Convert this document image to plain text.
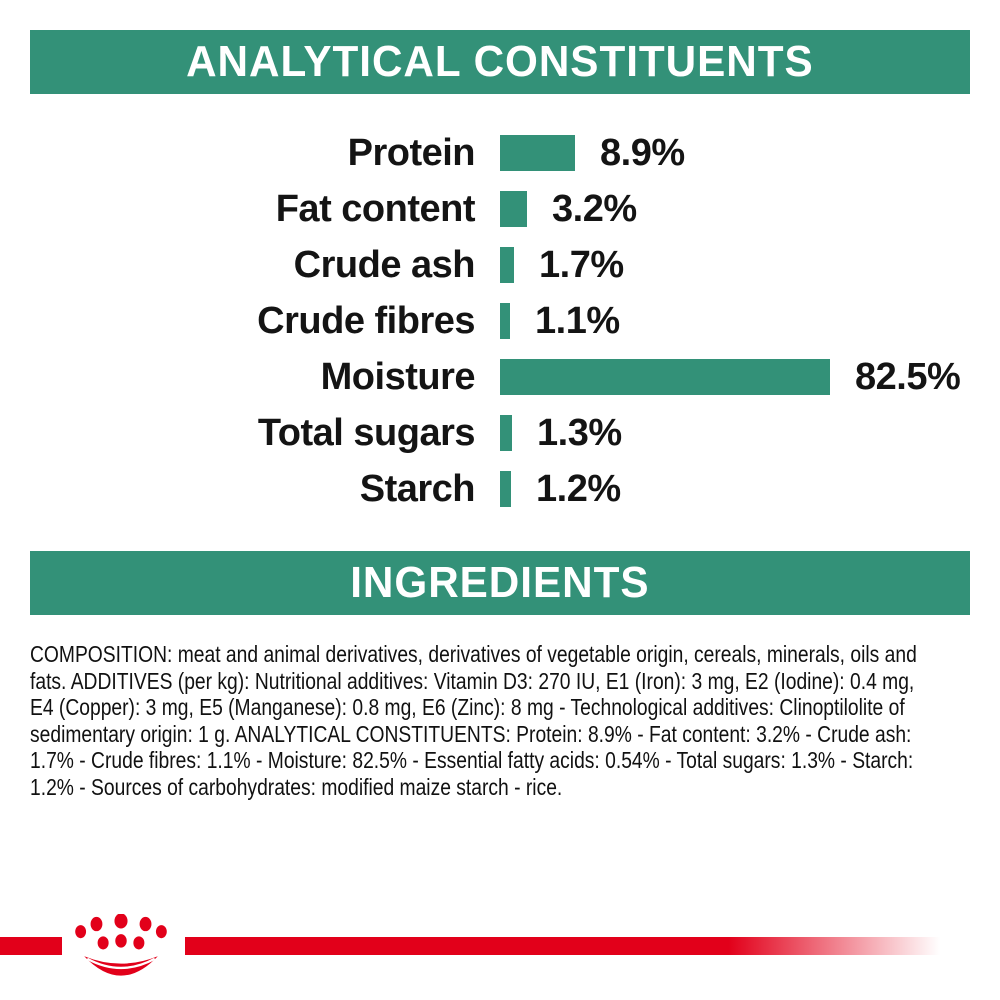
ANALYTICAL CONSTITUENTS
Protein	8.9%
Fat content 3.2%
Crude ash 1.7%
Crude fibres 1.1%
Moisture	82.5%
Total sugars 1.3%
Starch 1.2%
INGREDIENTS
COMPOSITION: meat and animal derivatives, derivatives of vegetable origin, cereals, minerals, oils and
fats. ADDITIVES (per kg): Nutritional additives: Vitamin D3: 270 IU, E1 (Iron): 3 mg, E2 (Iodine): 0.4 mg,
E4 (Copper): 3 mg, E5 (Manganese): 0.8 mg, E6 (Zinc): 8 mg - Technological additives: Clinoptilolite of
sedimentary origin: 1 g. ANALYTICAL CONSTITUENTS: Protein: 8.9% - Fat content: 3.2% - Crude ash:
1.7% - Crude fibres: 1.1% - Moisture: 82.5% - Essential fatty acids: 0.54% - Total sugars: 1.3% - Starch:
1.2% - Sources of carbohydrates: modified maize starch - rice.
